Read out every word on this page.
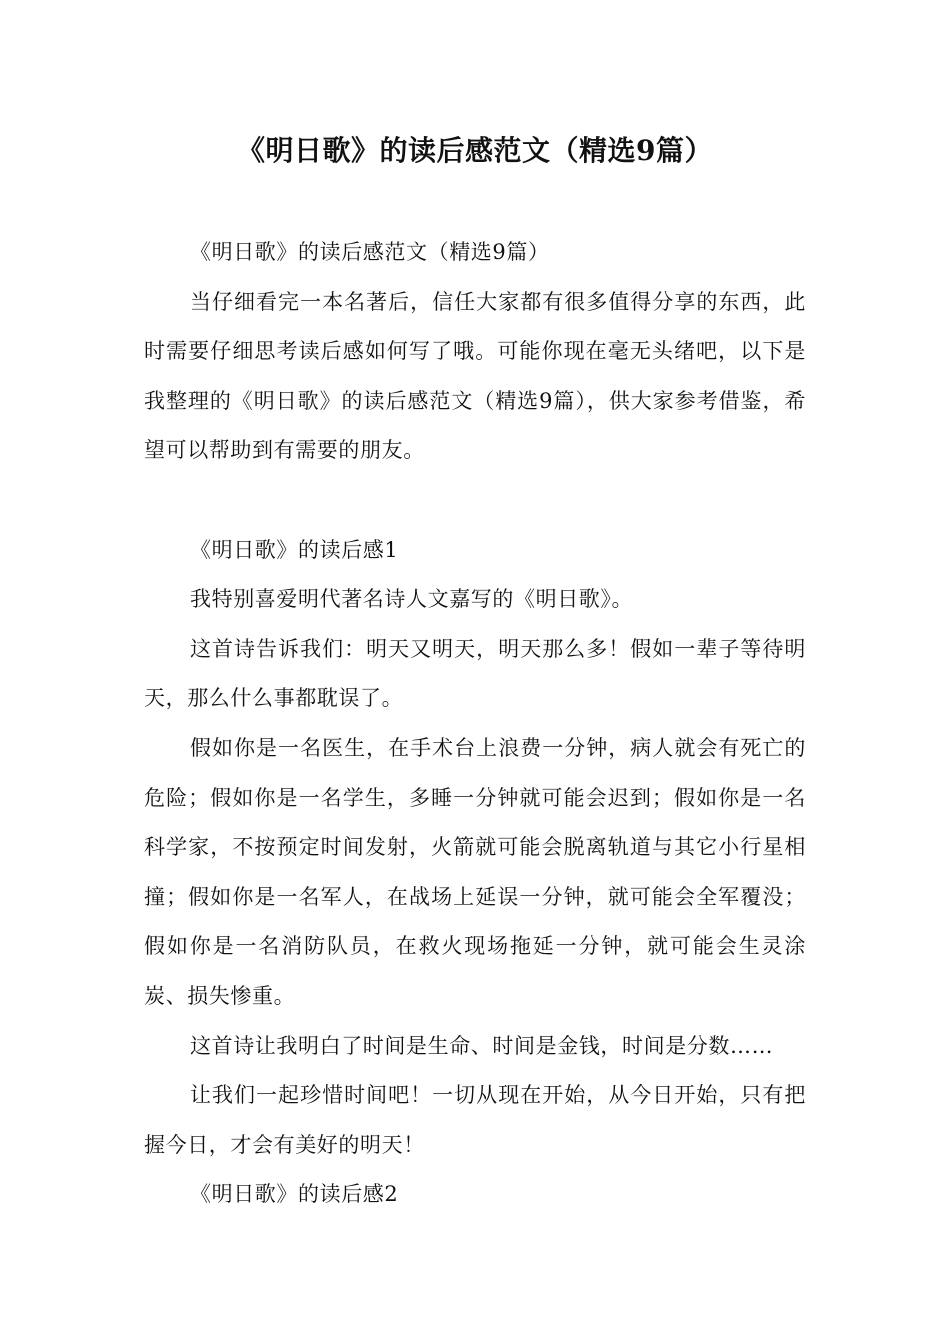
《明日歌》的读后感范文（精选9篇）

《明日歌》的读后感范文（精选9篇）

当仔细看完一本名著后，信任大家都有很多值得分享的东西，此时需要仔细思考读后感如何写了哦。可能你现在毫无头绪吧，以下是我整理的《明日歌》的读后感范文（精选9篇），供大家参考借鉴，希望可以帮助到有需要的朋友。

《明日歌》的读后感1

我特别喜爱明代著名诗人文嘉写的《明日歌》。

这首诗告诉我们：明天又明天，明天那么多！假如一辈子等待明天，那么什么事都耽误了。

假如你是一名医生，在手术台上浪费一分钟，病人就会有死亡的危险；假如你是一名学生，多睡一分钟就可能会迟到；假如你是一名科学家，不按预定时间发射，火箭就可能会脱离轨道与其它小行星相撞；假如你是一名军人，在战场上延误一分钟，就可能会全军覆没；假如你是一名消防队员，在救火现场拖延一分钟，就可能会生灵涂炭、损失惨重。

这首诗让我明白了时间是生命、时间是金钱，时间是分数……

让我们一起珍惜时间吧！一切从现在开始，从今日开始，只有把握今日，才会有美好的明天！

《明日歌》的读后感2
